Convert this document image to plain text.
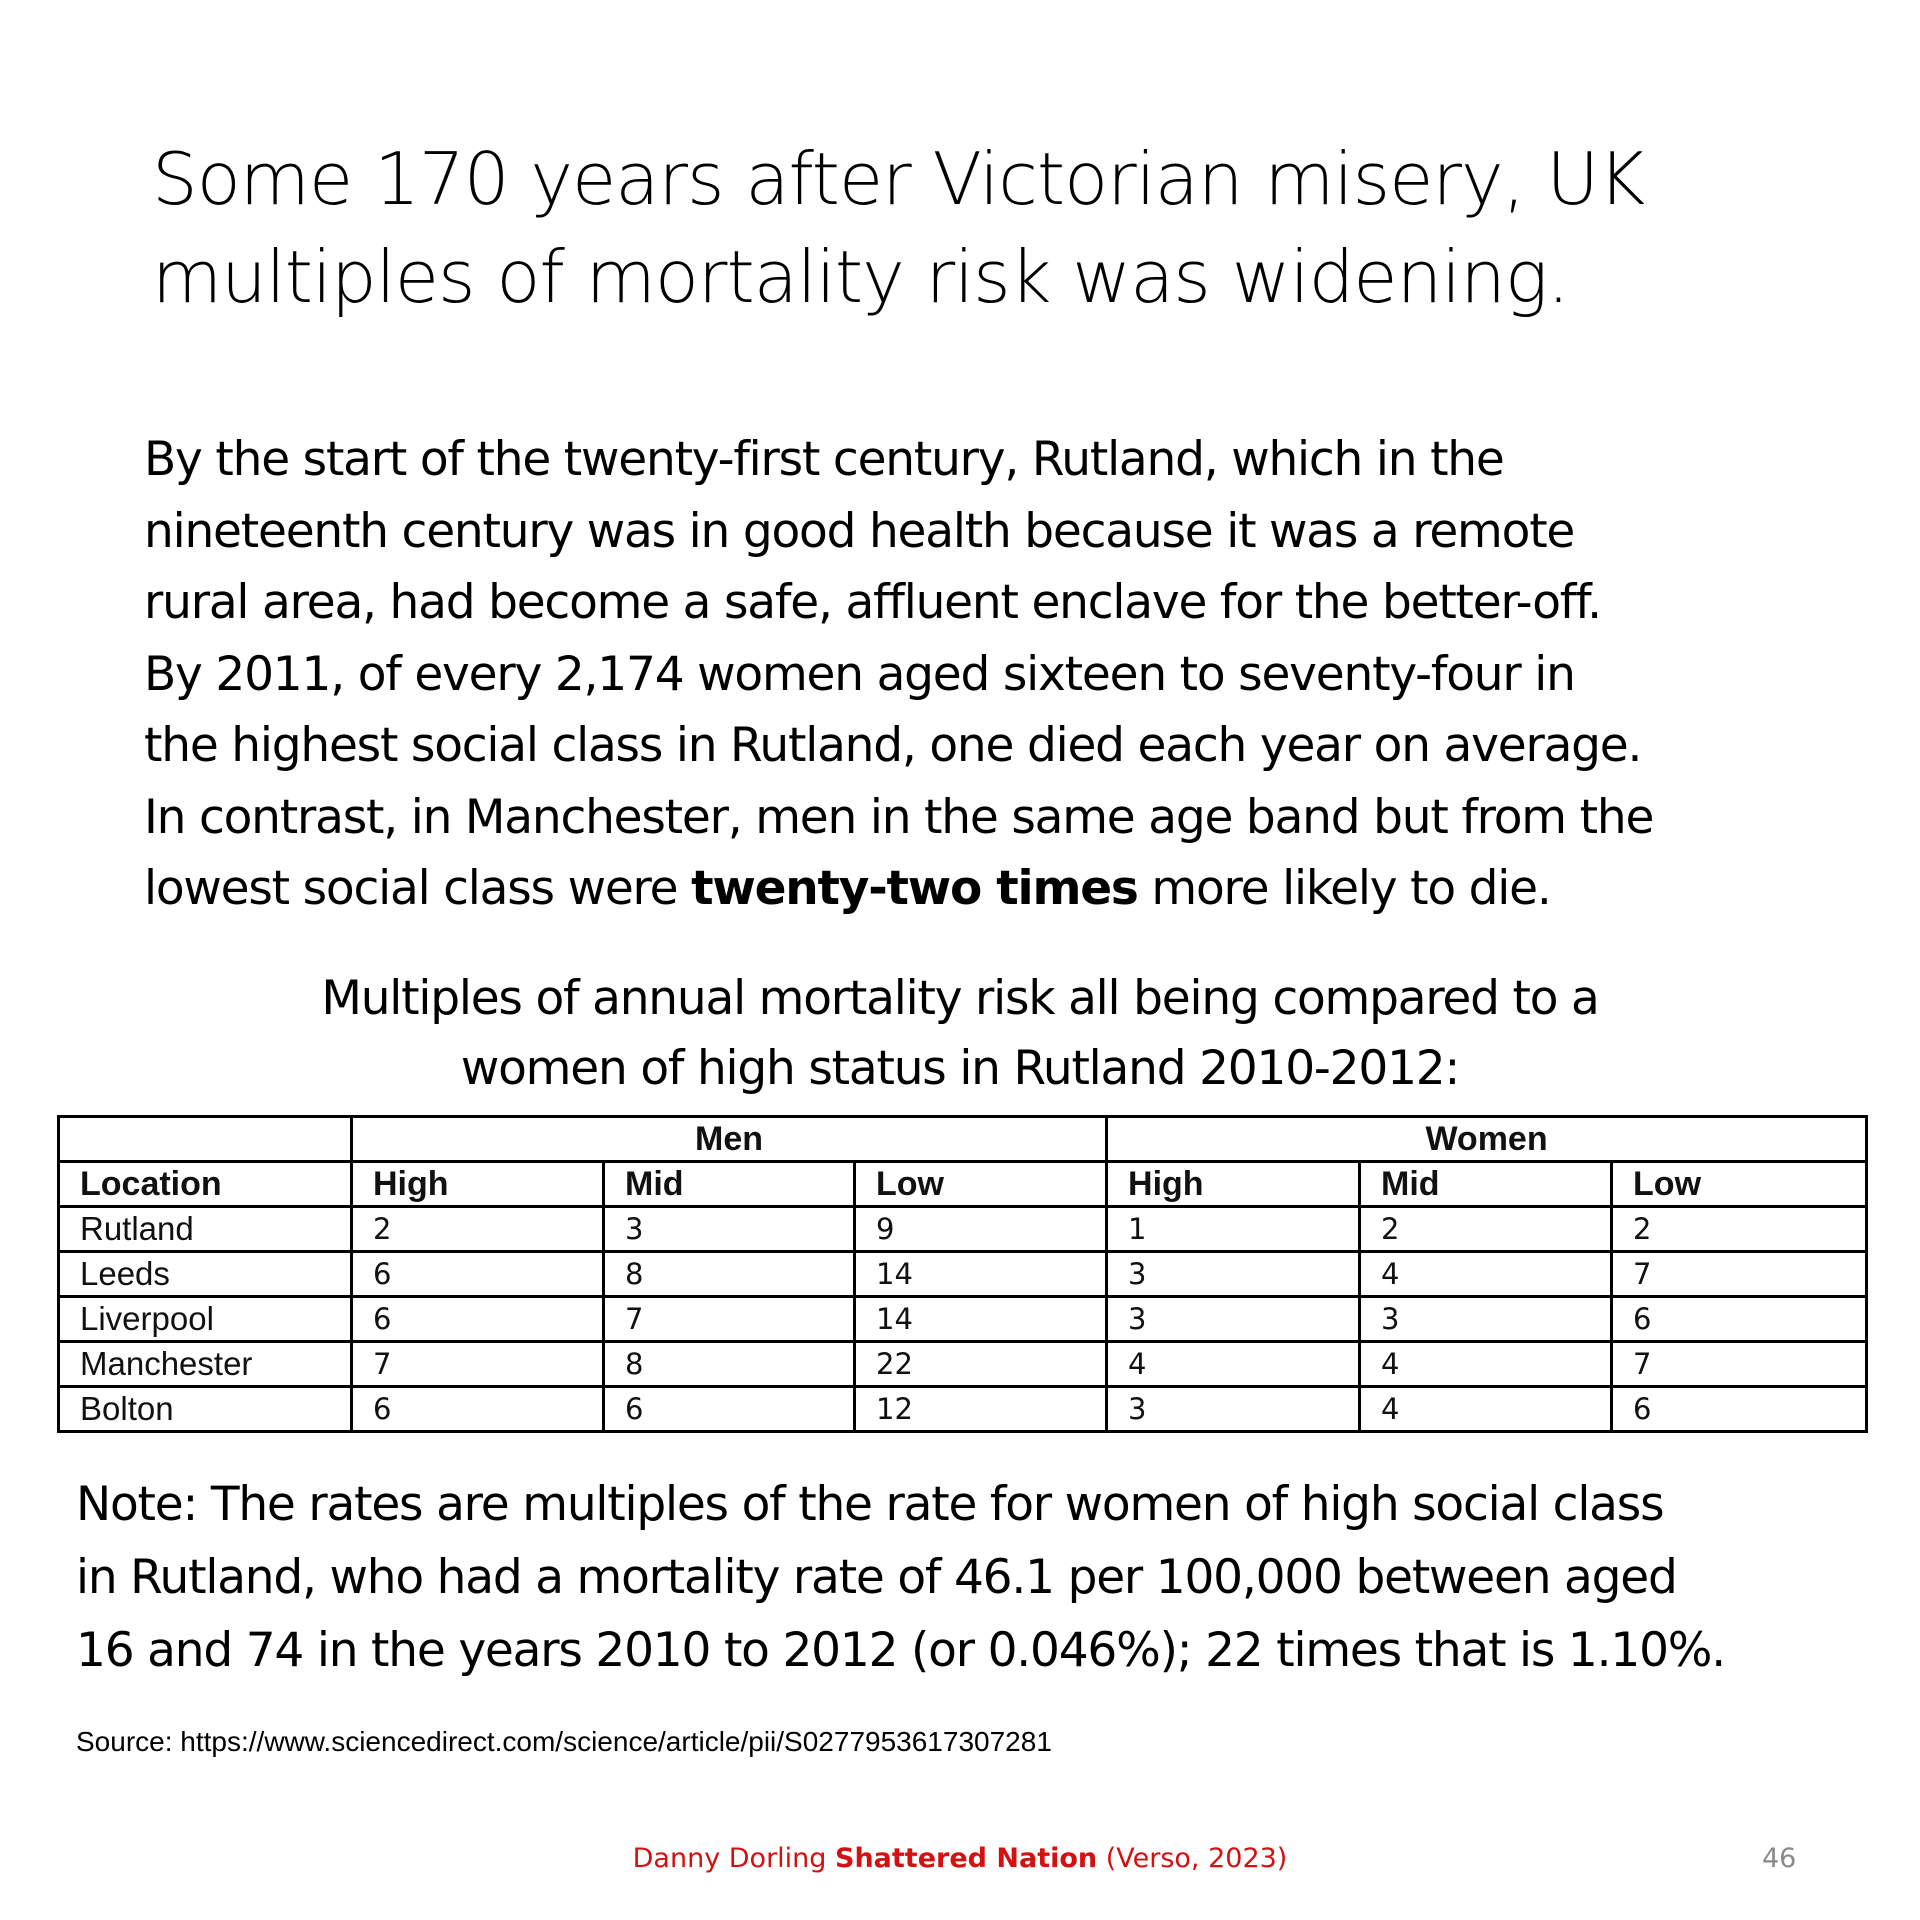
Some 170 years after Victorian misery, UK
multiples of mortality risk was widening.
By the start of the twenty-first century, Rutland, which in the
nineteenth century was in good health because it was a remote
rural area, had become a safe, affluent enclave for the better-off.
By 2011, of every 2,174 women aged sixteen to seventy-four in
the highest social class in Rutland, one died each year on average.
In contrast, in Manchester, men in the same age band but from the
lowest social class were twenty-two times more likely to die.
Multiples of annual mortality risk all being compared to a
women of high status in Rutland 2010-2012:
	Men			Women		
Location	High	Mid	Low	High	Mid	Low
Rutland	2	3	9	1	2	2
Leeds	6	8	14	3	4	7
Liverpool	6	7	14	3	3	6
Manchester	7	8	22	4	4	7
Bolton	6	6	12	3	4	6
Note: The rates are multiples of the rate for women of high social class
in Rutland, who had a mortality rate of 46.1 per 100,000 between aged
16 and 74 in the years 2010 to 2012 (or 0.046%); 22 times that is 1.10%.
Source: https://www.sciencedirect.com/science/article/pii/S0277953617307281
Danny Dorling Shattered Nation (Verso, 2023)	46
